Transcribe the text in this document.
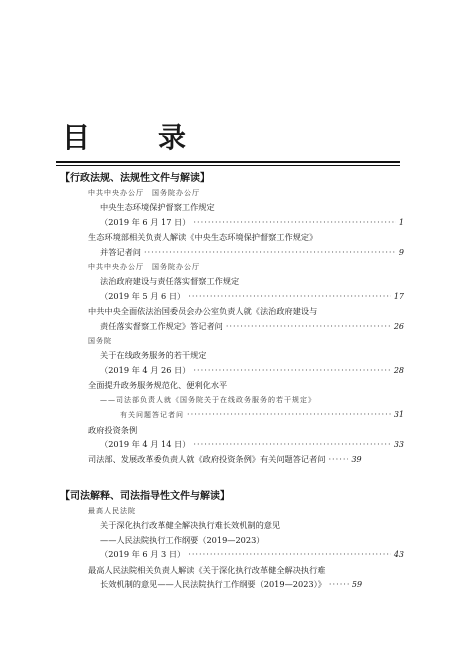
目　录
【行政法规、法规性文件与解读】
中共中央办公厅　国务院办公厅
中央生态环境保护督察工作规定
（2019 年 6 月 17 日） ·····	1
生态环境部相关负责人解读《中央生态环境保护督察工作规定》
并答记者问 ·····	9
中共中央办公厅　国务院办公厅
法治政府建设与责任落实督察工作规定
（2019 年 5 月 6 日） ·····	17
中共中央全面依法治国委员会办公室负责人就《法治政府建设与
责任落实督察工作规定》答记者问 ·····	26
国务院
关于在线政务服务的若干规定
（2019 年 4 月 26 日） ·····	28
全面提升政务服务规范化、便利化水平
——司法部负责人就《国务院关于在线政务服务的若干规定》
有关问题答记者问 ·····	31
政府投资条例
（2019 年 4 月 14 日） ·····	33
司法部、发展改革委负责人就《政府投资条例》有关问题答记者问 ·····	39
【司法解释、司法指导性文件与解读】
最高人民法院
关于深化执行改革健全解决执行难长效机制的意见
——人民法院执行工作纲要（2019—2023）
（2019 年 6 月 3 日） ·····	43
最高人民法院相关负责人解读《关于深化执行改革健全解决执行难
长效机制的意见——人民法院执行工作纲要（2019—2023）》 ·····	59
